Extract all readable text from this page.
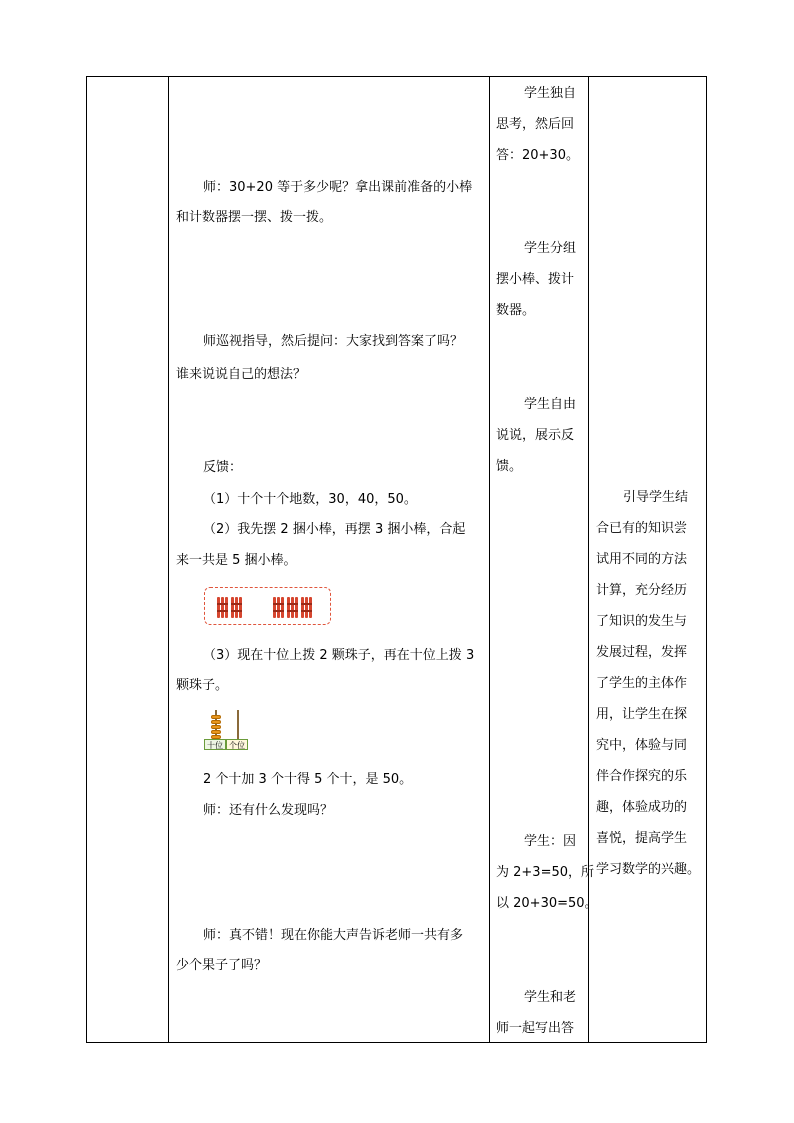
师：30+20 等于多少呢？拿出课前准备的小棒
和计数器摆一摆、拨一拨。
师巡视指导，然后提问：大家找到答案了吗？
谁来说说自己的想法？
反馈：
（1）十个十个地数，30，40，50。
（2）我先摆 2 捆小棒，再摆 3 捆小棒，合起
来一共是 5 捆小棒。
（3）现在十位上拨 2 颗珠子，再在十位上拨 3
颗珠子。
十位 个位
2 个十加 3 个十得 5 个十，是 50。
师：还有什么发现吗？
师：真不错！现在你能大声告诉老师一共有多
少个果子了吗？
学生独自
思考，然后回
答：20+30。
学生分组
摆小棒、拨计
数器。
学生自由
说说，展示反
馈。
学生：因
为 2+3=50，所
以 20+30=50。
学生和老
师一起写出答
引导学生结
合已有的知识尝
试用不同的方法
计算，充分经历
了知识的发生与
发展过程，发挥
了学生的主体作
用，让学生在探
究中，体验与同
伴合作探究的乐
趣，体验成功的
喜悦，提高学生
学习数学的兴趣。
